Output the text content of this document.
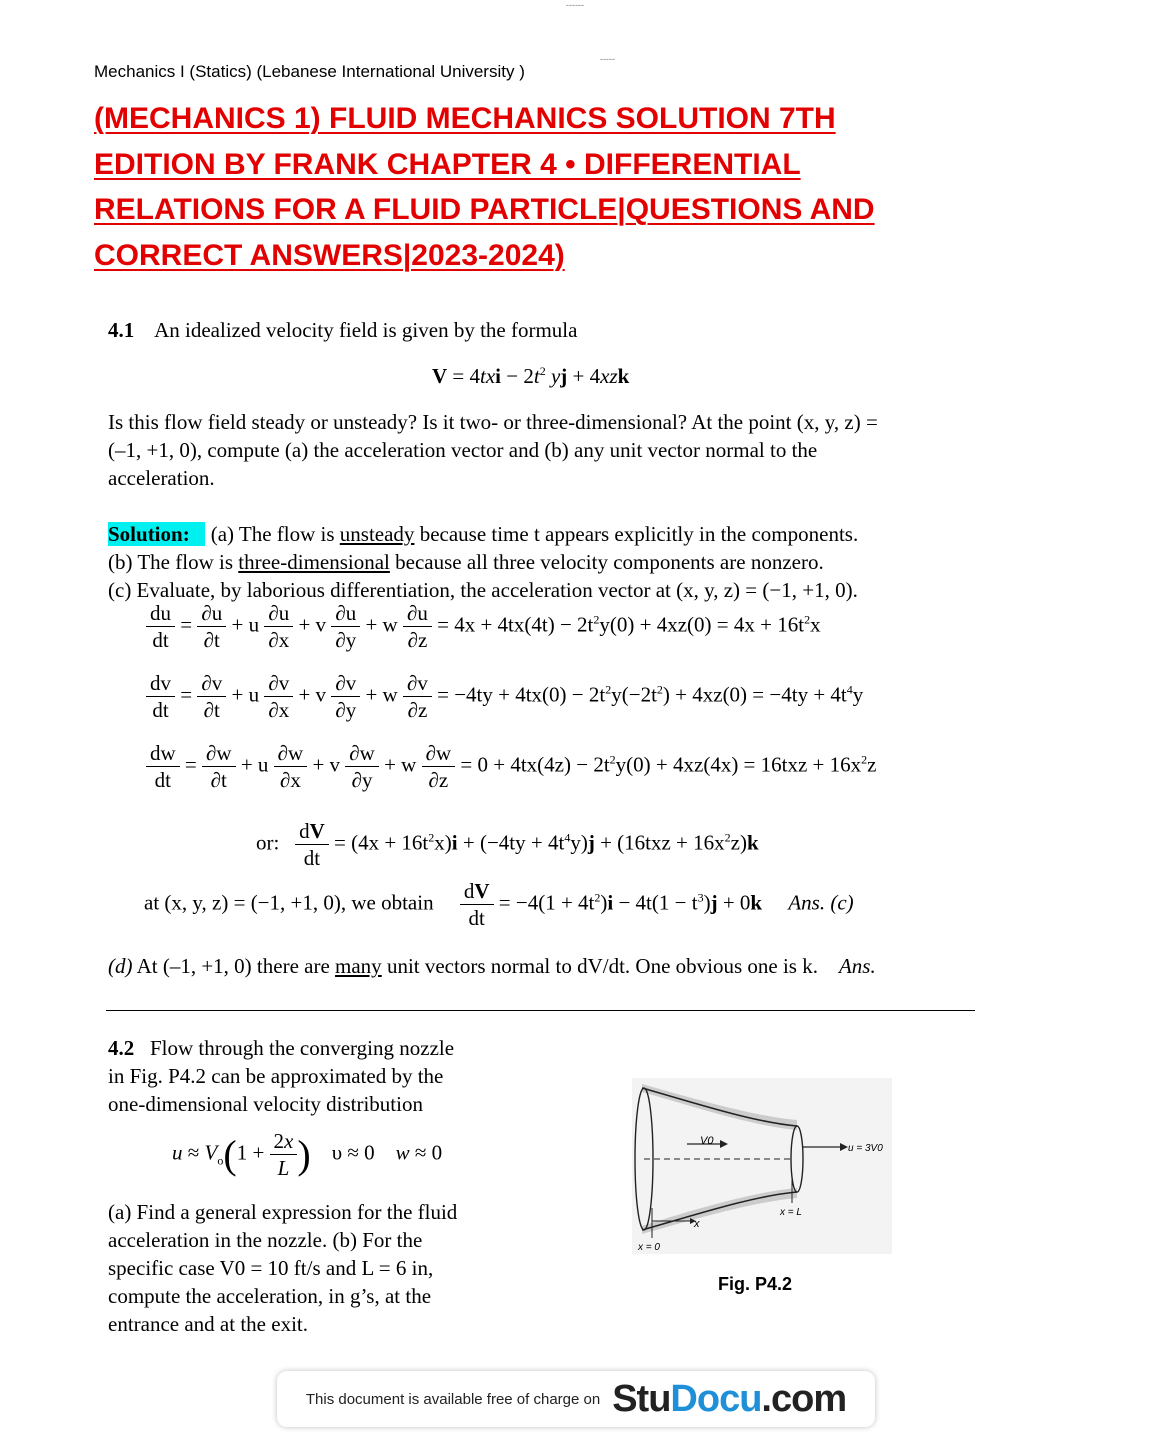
------
-----
Mechanics I (Statics) (Lebanese International University )
(MECHANICS 1) FLUID MECHANICS SOLUTION 7TH
EDITION BY FRANK CHAPTER 4 • DIFFERENTIAL
RELATIONS FOR A FLUID PARTICLE|QUESTIONS AND
CORRECT ANSWERS|2023-2024)
4.1 An idealized velocity field is given by the formula
$V = 4txi - 2t^2$ yj + 4xzk
Is this flow field steady or unsteady? Is it two- or three-dimensional? At the point (x, y, z) =
(–1, +1, 0), compute (a) the acceleration vector and (b) any unit vector normal to the
acceleration.
Solution: (a) The flow is unsteady because time t appears explicitly in the components.
(b) The flow is three-dimensional because all three velocity components are nonzero.
(c) Evaluate, by laborious differentiation, the acceleration vector at (x, y, z) = (−1, +1, 0).
$\frac{du}{dt} = \frac{\partial u}{\partial t} + u \frac{\partial u}{\partial x} + v \frac{\partial u}{\partial y} + w \frac{\partial u}{\partial z} = 4x + 4tx(4t) - 2t^2y(0) + 4xz(0) = 4x + 16t^2x$
$\frac{dv}{dt} = \frac{\partial v}{\partial t} + u \frac{\partial v}{\partial x} + v \frac{\partial v}{\partial y} + w \frac{\partial v}{\partial z} = -4ty + 4tx(0) - 2t^2y(-2t^2) + 4xz(0) = -4ty + 4t^4y$
$\frac{dw}{dt} = \frac{\partial w}{\partial t} + u \frac{\partial w}{\partial x} + v \frac{\partial w}{\partial y} + w \frac{\partial w}{\partial z} = 0 + 4tx(4z) - 2t^2y(0) + 4xz(4x) = 16txz + 16x^2z$
or: $\frac{dV}{dt} = (4x + 16t^2x)i + (-4ty + 4t^4y)j + (16txz + 16x^2z)k$
at (x, y, z) = (−1, +1, 0), we obtain $\frac{dV}{dt} = -4(1 + 4t^2)i - 4t(1 - t^3)j + 0k$ Ans. (c)
(d) At (–1, +1, 0) there are many unit vectors normal to dV/dt. One obvious one is k. Ans.
4.2 Flow through the converging nozzle
in Fig. P4.2 can be approximated by the
one-dimensional velocity distribution
$u \approx V_o(1 + \frac{2x}{L}$ )    υ ≈ 0    w ≈ 0
(a) Find a general expression for the fluid
acceleration in the nozzle. (b) For the
specific case V0 = 10 ft/s and L = 6 in,
compute the acceleration, in g’s, at the
entrance and at the exit.
V0
u = 3V0
x
x = 0
x = L
Fig. P4.2
This document is available free of charge on StuDocu.com
